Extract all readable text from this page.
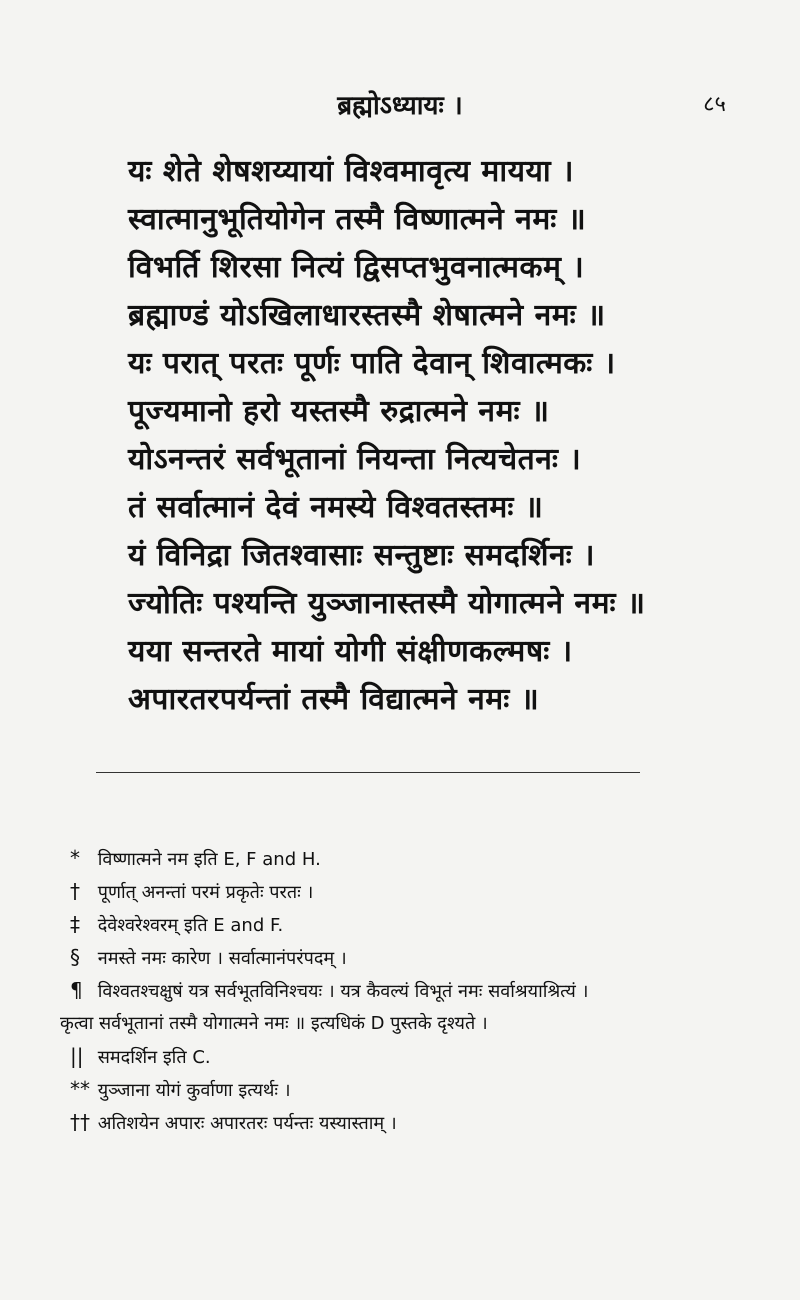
ब्रह्मोऽध्यायः ।	८५
यः शेते शेषशय्यायां विश्वमावृत्य मायया ।
स्वात्मानुभूतियोगेन तस्मै विष्णात्मने नमः ॥
विभर्ति शिरसा नित्यं द्विसप्तभुवनात्मकम् ।
ब्रह्माण्डं योऽखिलाधारस्तस्मै शेषात्मने नमः ॥
यः परात् परतः पूर्णः पाति देवान् शिवात्मकः ।
पूज्यमानो हरो यस्तस्मै रुद्रात्मने नमः ॥
योऽनन्तरं सर्वभूतानां नियन्ता नित्यचेतनः ।
तं सर्वात्मानं देवं नमस्ये विश्वतस्तमः ॥
यं विनिद्रा जितश्वासाः सन्तुष्टाः समदर्शिनः ।
ज्योतिः पश्यन्ति युञ्जानास्तस्मै योगात्मने नमः ॥
यया सन्तरते मायां योगी संक्षीणकल्मषः ।
अपारतरपर्यन्तां तस्मै विद्यात्मने नमः ॥
* विष्णात्मने नम इति E, F and H.
† पूर्णात् अनन्तां परमं प्रकृतेः परतः ।
‡ देवेश्वरेश्वरम् इति E and F.
§ नमस्ते नमः कारेण । सर्वात्मानंपरंपदम् ।
¶ विश्वतश्चक्षुषं यत्र सर्वभूतविनिश्चयः । यत्र कैवल्यं विभूतं नमः सर्वाश्रयाश्रित्यं ।
कृत्वा सर्वभूतानां तस्मै योगात्मने नमः ॥ इत्यधिकं D पुस्तके दृश्यते ।
|| समदर्शिन इति C.
** युञ्जाना योगं कुर्वाणा इत्यर्थः ।
†† अतिशयेन अपारः अपारतरः पर्यन्तः यस्यास्ताम् ।
